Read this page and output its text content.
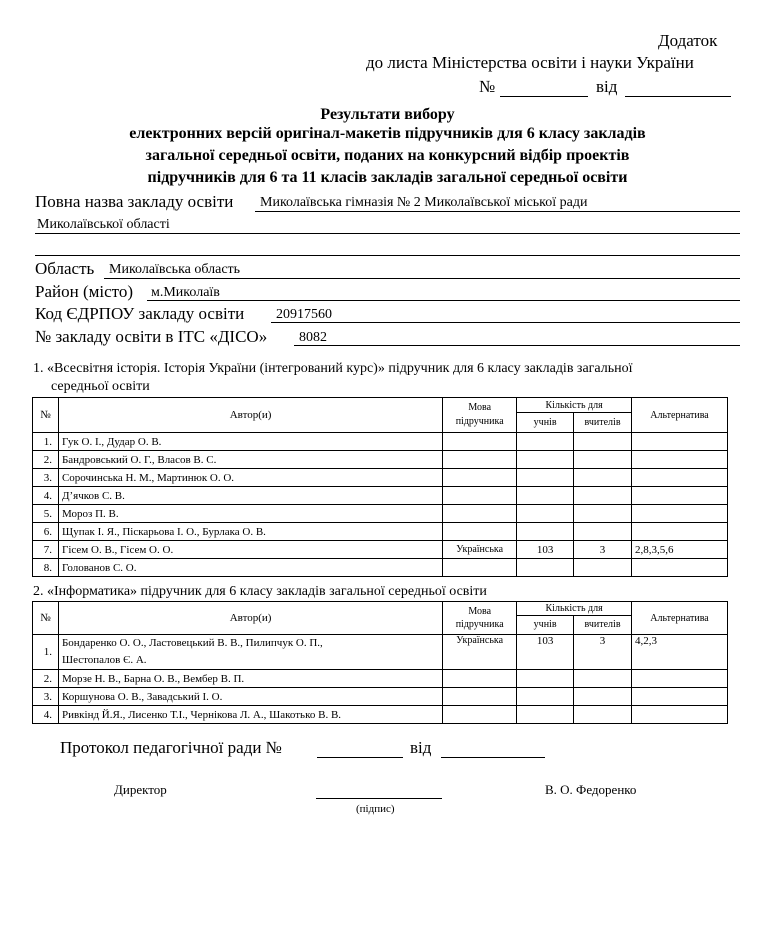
Додаток
до листа Міністерства освіти і науки України
№	від
Результати вибору
електронних версій оригінал-макетів підручників для 6 класу закладів
загальної середньої освіти, поданих на конкурсний відбір проектів
підручників для 6 та 11 класів закладів загальної середньої освіти
Повна назва закладу освіти Миколаївська гімназія № 2 Миколаївської міської ради
Миколаївської області
Область Миколаївська область
Район (місто) м.Миколаїв
Код ЄДРПОУ закладу освіти 20917560
№ закладу освіти в ІТС «ДІСО» 8082
1. «Всесвітня історія. Історія України (інтегрований курс)» підручник для 6 класу закладів загальної
середньої освіти
№	Автор(и)	Мова
підручника	Кількість для		Альтернатива
			учнів	вчителів	
1.	Гук О. І., Дудар О. В.				
2.	Бандровський О. Г., Власов В. С.				
3.	Сорочинська Н. М., Мартинюк О. О.				
4.	Д’ячков С. В.				
5.	Мороз П. В.				
6.	Щупак І. Я., Піскарьова І. О., Бурлака О. В.				
7.	Гісем О. В., Гісем О. О.	Українська	103	3	2,8,3,5,6
8.	Голованов С. О.				
2. «Інформатика» підручник для 6 класу закладів загальної середньої освіти
№	Автор(и)	Мова
підручника	Кількість для		Альтернатива
			учнів	вчителів	
1.	Бондаренко О. О., Ластовецький В. В., Пилипчук О. П.,
Шестопалов Є. А.	Українська	103	3	4,2,3
2.	Морзе Н. В., Барна О. В., Вембер В. П.				
3.	Коршунова О. В., Завадський І. О.				
4.	Ривкінд Й.Я., Лисенко Т.І., Чернікова Л. А., Шакотько В. В.				
Протокол педагогічної ради №	від
Директор
(підпис)
В. О. Федоренко
